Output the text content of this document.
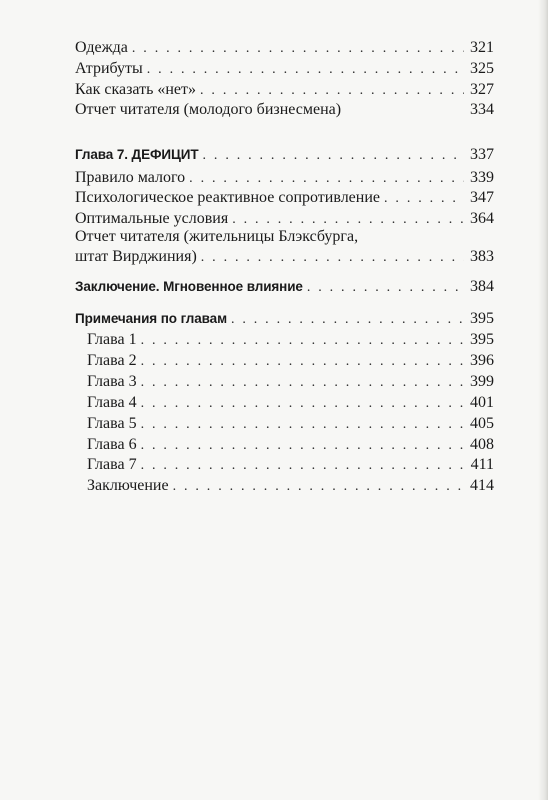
Одежда . . .	321
Атрибуты . . .	325
Как сказать «нет» . . .	327
Отчет читателя (молодого бизнесмена)	334
Глава 7. ДЕФИЦИТ . . .	337
Правило малого . . .	339
Психологическое реактивное сопротивление . . .	347
Оптимальные условия . . .	364
Отчет читателя (жительницы Блэксбурга,
штат Вирджиния) . . .	383
Заключение. Мгновенное влияние . . .	384
Примечания по главам . . .	395
Глава 1 . . .	395
Глава 2 . . .	396
Глава 3 . . .	399
Глава 4 . . .	401
Глава 5 . . .	405
Глава 6 . . .	408
Глава 7 . . .	411
Заключение . . .	414
